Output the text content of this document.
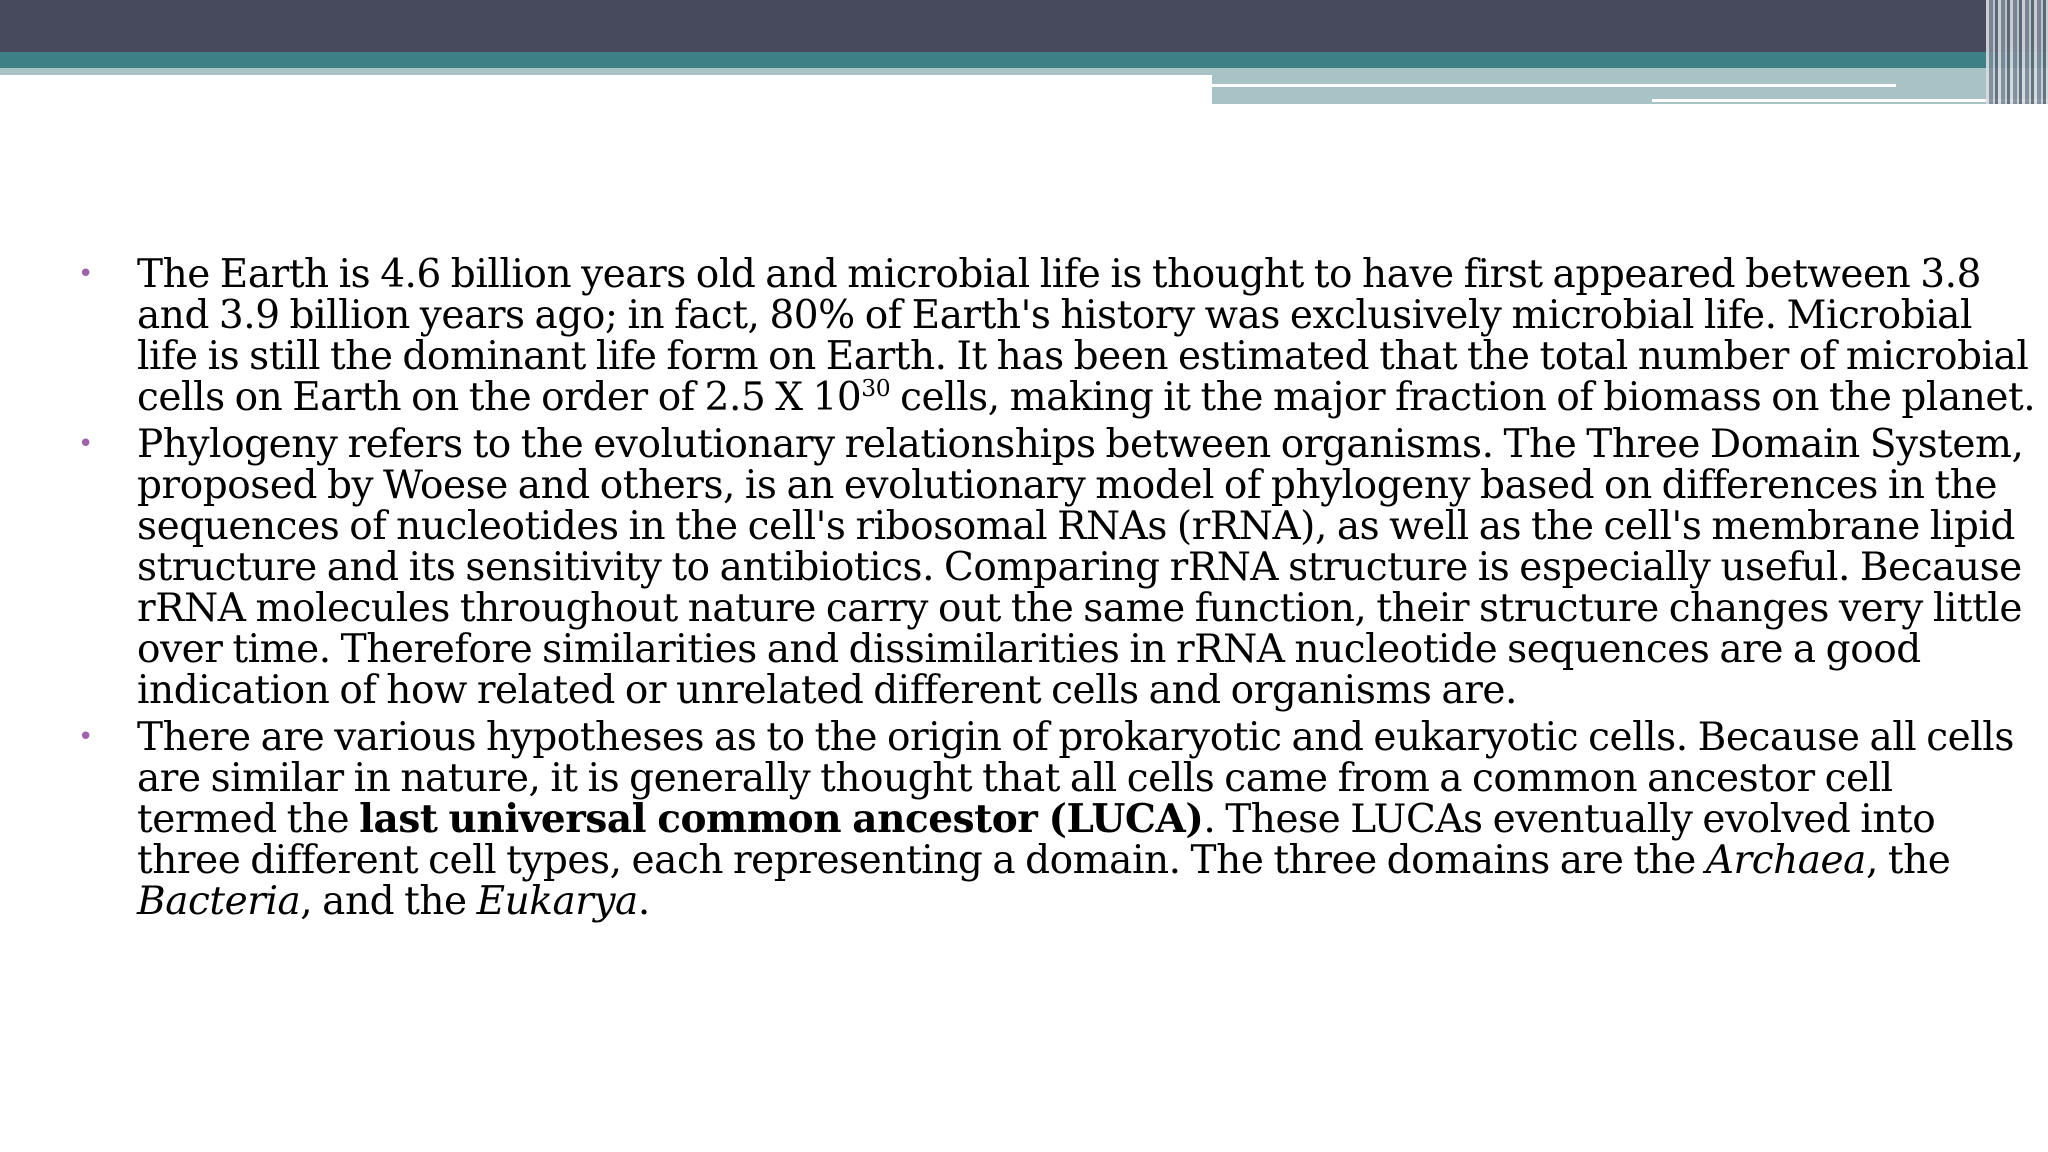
• The Earth is 4.6 billion years old and microbial life is thought to have first appeared between 3.8 and 3.9 billion years ago; in fact, 80% of Earth's history was exclusively microbial life. Microbial life is still the dominant life form on Earth. It has been estimated that the total number of microbial cells on Earth on the order of 2.5 X $10^{30}$ cells, making it the major fraction of biomass on the planet.
• Phylogeny refers to the evolutionary relationships between organisms. The Three Domain System, proposed by Woese and others, is an evolutionary model of phylogeny based on differences in the sequences of nucleotides in the cell's ribosomal RNAs (rRNA), as well as the cell's membrane lipid structure and its sensitivity to antibiotics. Comparing rRNA structure is especially useful. Because rRNA molecules throughout nature carry out the same function, their structure changes very little over time. Therefore similarities and dissimilarities in rRNA nucleotide sequences are a good indication of how related or unrelated different cells and organisms are.
• There are various hypotheses as to the origin of prokaryotic and eukaryotic cells. Because all cells are similar in nature, it is generally thought that all cells came from a common ancestor cell termed the last universal common ancestor (LUCA). These LUCAs eventually evolved into three different cell types, each representing a domain. The three domains are the Archaea, the Bacteria, and the Eukarya.
